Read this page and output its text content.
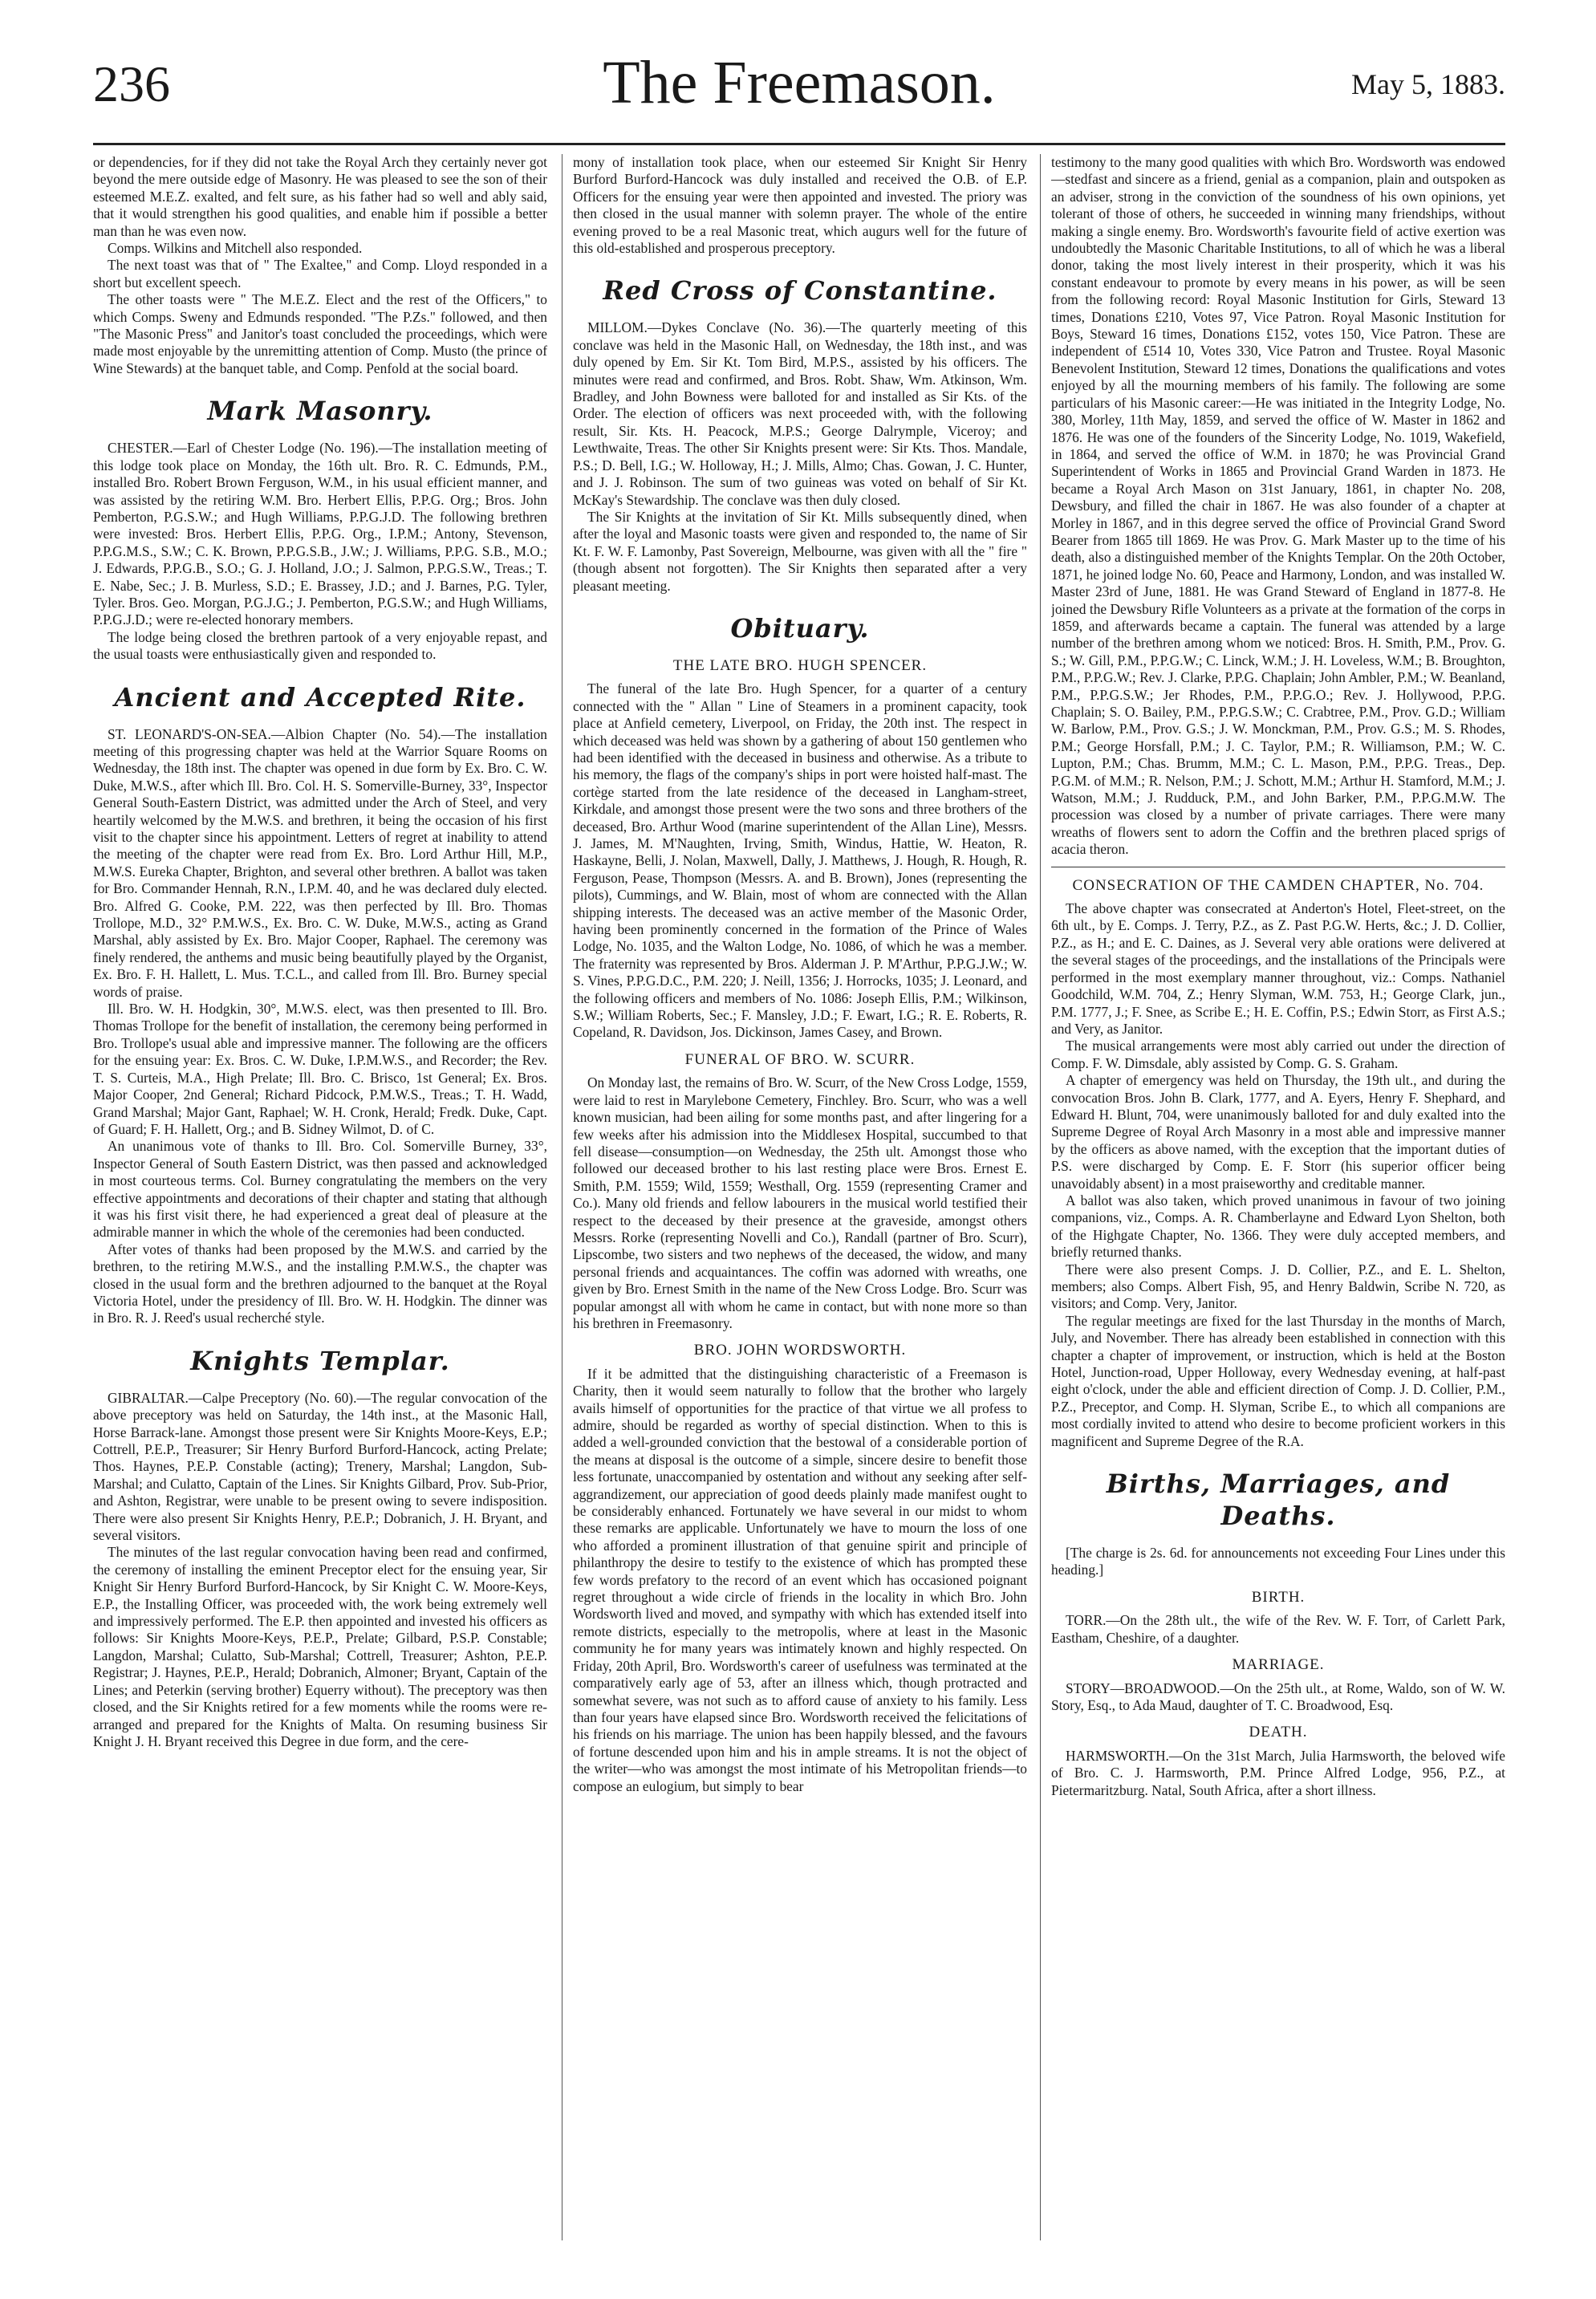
236	The Freemason.	May 5, 1883.

or dependencies, for if they did not take the Royal Arch they certainly never got beyond the mere outside edge of Masonry. He was pleased to see the son of their esteemed M.E.Z. exalted, and felt sure, as his father had so well and ably said, that it would strengthen his good qualities, and enable him if possible a better man than he was even now.

Comps. Wilkins and Mitchell also responded.

The next toast was that of " The Exaltee," and Comp. Lloyd responded in a short but excellent speech.

The other toasts were " The M.E.Z. Elect and the rest of the Officers," to which Comps. Sweny and Edmunds responded. "The P.Zs." followed, and then "The Masonic Press" and Janitor's toast concluded the proceedings, which were made most enjoyable by the unremitting attention of Comp. Musto (the prince of Wine Stewards) at the banquet table, and Comp. Penfold at the social board.

Mark Masonry.

CHESTER.—Earl of Chester Lodge (No. 196).—The installation meeting of this lodge took place on Monday, the 16th ult. Bro. R. C. Edmunds, P.M., installed Bro. Robert Brown Ferguson, W.M., in his usual efficient manner, and was assisted by the retiring W.M. Bro. Herbert Ellis, P.P.G. Org.; Bros. John Pemberton, P.G.S.W.; and Hugh Williams, P.P.G.J.D. The following brethren were invested: Bros. Herbert Ellis, P.P.G. Org., I.P.M.; Antony, Stevenson, P.P.G.M.S., S.W.; C. K. Brown, P.P.G.S.B., J.W.; J. Williams, P.P.G. S.B., M.O.; J. Edwards, P.P.G.B., S.O.; G. J. Holland, J.O.; J. Salmon, P.P.G.S.W., Treas.; T. E. Nabe, Sec.; J. B. Murless, S.D.; E. Brassey, J.D.; and J. Barnes, P.G. Tyler, Tyler. Bros. Geo. Morgan, P.G.J.G.; J. Pemberton, P.G.S.W.; and Hugh Williams, P.P.G.J.D.; were re-elected honorary members.

The lodge being closed the brethren partook of a very enjoyable repast, and the usual toasts were enthusiastically given and responded to.

Ancient and Accepted Rite.

ST. LEONARD'S-ON-SEA.—Albion Chapter (No. 54).—The installation meeting of this progressing chapter was held at the Warrior Square Rooms on Wednesday, the 18th inst. The chapter was opened in due form by Ex. Bro. C. W. Duke, M.W.S., after which Ill. Bro. Col. H. S. Somerville-Burney, 33°, Inspector General South-Eastern District, was admitted under the Arch of Steel, and very heartily welcomed by the M.W.S. and brethren, it being the occasion of his first visit to the chapter since his appointment. Letters of regret at inability to attend the meeting of the chapter were read from Ex. Bro. Lord Arthur Hill, M.P., M.W.S. Eureka Chapter, Brighton, and several other brethren. A ballot was taken for Bro. Commander Hennah, R.N., I.P.M. 40, and he was declared duly elected. Bro. Alfred G. Cooke, P.M. 222, was then perfected by Ill. Bro. Thomas Trollope, M.D., 32° P.M.W.S., Ex. Bro. C. W. Duke, M.W.S., acting as Grand Marshal, ably assisted by Ex. Bro. Major Cooper, Raphael. The ceremony was finely rendered, the anthems and music being beautifully played by the Organist, Ex. Bro. F. H. Hallett, L. Mus. T.C.L., and called from Ill. Bro. Burney special words of praise.

Ill. Bro. W. H. Hodgkin, 30°, M.W.S. elect, was then presented to Ill. Bro. Thomas Trollope for the benefit of installation, the ceremony being performed in Bro. Trollope's usual able and impressive manner. The following are the officers for the ensuing year: Ex. Bros. C. W. Duke, I.P.M.W.S., and Recorder; the Rev. T. S. Curteis, M.A., High Prelate; Ill. Bro. C. Brisco, 1st General; Ex. Bros. Major Cooper, 2nd General; Richard Pidcock, P.M.W.S., Treas.; T. H. Wadd, Grand Marshal; Major Gant, Raphael; W. H. Cronk, Herald; Fredk. Duke, Capt. of Guard; F. H. Hallett, Org.; and B. Sidney Wilmot, D. of C.

An unanimous vote of thanks to Ill. Bro. Col. Somerville Burney, 33°, Inspector General of South Eastern District, was then passed and acknowledged in most courteous terms. Col. Burney congratulating the members on the very effective appointments and decorations of their chapter and stating that although it was his first visit there, he had experienced a great deal of pleasure at the admirable manner in which the whole of the ceremonies had been conducted.

After votes of thanks had been proposed by the M.W.S. and carried by the brethren, to the retiring M.W.S., and the installing P.M.W.S., the chapter was closed in the usual form and the brethren adjourned to the banquet at the Royal Victoria Hotel, under the presidency of Ill. Bro. W. H. Hodgkin. The dinner was in Bro. R. J. Reed's usual recherché style.

Knights Templar.

GIBRALTAR.—Calpe Preceptory (No. 60).—The regular convocation of the above preceptory was held on Saturday, the 14th inst., at the Masonic Hall, Horse Barrack-lane. Amongst those present were Sir Knights Moore-Keys, E.P.; Cottrell, P.E.P., Treasurer; Sir Henry Burford Burford-Hancock, acting Prelate; Thos. Haynes, P.E.P. Constable (acting); Trenery, Marshal; Langdon, Sub-Marshal; and Culatto, Captain of the Lines. Sir Knights Gilbard, Prov. Sub-Prior, and Ashton, Registrar, were unable to be present owing to severe indisposition. There were also present Sir Knights Henry, P.E.P.; Dobranich, J. H. Bryant, and several visitors.

The minutes of the last regular convocation having been read and confirmed, the ceremony of installing the eminent Preceptor elect for the ensuing year, Sir Knight Sir Henry Burford Burford-Hancock, by Sir Knight C. W. Moore-Keys, E.P., the Installing Officer, was proceeded with, the work being extremely well and impressively performed. The E.P. then appointed and invested his officers as follows: Sir Knights Moore-Keys, P.E.P., Prelate; Gilbard, P.S.P. Constable; Langdon, Marshal; Culatto, Sub-Marshal; Cottrell, Treasurer; Ashton, P.E.P. Registrar; J. Haynes, P.E.P., Herald; Dobranich, Almoner; Bryant, Captain of the Lines; and Peterkin (serving brother) Equerry without). The preceptory was then closed, and the Sir Knights retired for a few moments while the rooms were re-arranged and prepared for the Knights of Malta. On resuming business Sir Knight J. H. Bryant received this Degree in due form, and the cere-

mony of installation took place, when our esteemed Sir Knight Sir Henry Burford Burford-Hancock was duly installed and received the O.B. of E.P. Officers for the ensuing year were then appointed and invested. The priory was then closed in the usual manner with solemn prayer. The whole of the entire evening proved to be a real Masonic treat, which augurs well for the future of this old-established and prosperous preceptory.

Red Cross of Constantine.

MILLOM.—Dykes Conclave (No. 36).—The quarterly meeting of this conclave was held in the Masonic Hall, on Wednesday, the 18th inst., and was duly opened by Em. Sir Kt. Tom Bird, M.P.S., assisted by his officers. The minutes were read and confirmed, and Bros. Robt. Shaw, Wm. Atkinson, Wm. Bradley, and John Bowness were balloted for and installed as Sir Kts. of the Order. The election of officers was next proceeded with, with the following result, Sir. Kts. H. Peacock, M.P.S.; George Dalrymple, Viceroy; and Lewthwaite, Treas. The other Sir Knights present were: Sir Kts. Thos. Mandale, P.S.; D. Bell, I.G.; W. Holloway, H.; J. Mills, Almo; Chas. Gowan, J. C. Hunter, and J. J. Robinson. The sum of two guineas was voted on behalf of Sir Kt. McKay's Stewardship. The conclave was then duly closed.

The Sir Knights at the invitation of Sir Kt. Mills subsequently dined, when after the loyal and Masonic toasts were given and responded to, the name of Sir Kt. F. W. F. Lamonby, Past Sovereign, Melbourne, was given with all the " fire " (though absent not forgotten). The Sir Knights then separated after a very pleasant meeting.

Obituary.
THE LATE BRO. HUGH SPENCER.

The funeral of the late Bro. Hugh Spencer, for a quarter of a century connected with the " Allan " Line of Steamers in a prominent capacity, took place at Anfield cemetery, Liverpool, on Friday, the 20th inst. The respect in which deceased was held was shown by a gathering of about 150 gentlemen who had been identified with the deceased in business and otherwise. As a tribute to his memory, the flags of the company's ships in port were hoisted half-mast. The cortège started from the late residence of the deceased in Langham-street, Kirkdale, and amongst those present were the two sons and three brothers of the deceased, Bro. Arthur Wood (marine superintendent of the Allan Line), Messrs. J. James, M. M'Naughten, Irving, Smith, Windus, Hattie, W. Heaton, R. Haskayne, Belli, J. Nolan, Maxwell, Dally, J. Matthews, J. Hough, R. Hough, R. Ferguson, Pease, Thompson (Messrs. A. and B. Brown), Jones (representing the pilots), Cummings, and W. Blain, most of whom are connected with the Allan shipping interests. The deceased was an active member of the Masonic Order, having been prominently concerned in the formation of the Prince of Wales Lodge, No. 1035, and the Walton Lodge, No. 1086, of which he was a member. The fraternity was represented by Bros. Alderman J. P. M'Arthur, P.P.G.J.W.; W. S. Vines, P.P.G.D.C., P.M. 220; J. Neill, 1356; J. Horrocks, 1035; J. Leonard, and the following officers and members of No. 1086: Joseph Ellis, P.M.; Wilkinson, S.W.; William Roberts, Sec.; F. Mansley, J.D.; F. Ewart, I.G.; R. E. Roberts, R. Copeland, R. Davidson, Jos. Dickinson, James Casey, and Brown.

FUNERAL OF BRO. W. SCURR.

On Monday last, the remains of Bro. W. Scurr, of the New Cross Lodge, 1559, were laid to rest in Marylebone Cemetery, Finchley. Bro. Scurr, who was a well known musician, had been ailing for some months past, and after lingering for a few weeks after his admission into the Middlesex Hospital, succumbed to that fell disease—consumption—on Wednesday, the 25th ult. Amongst those who followed our deceased brother to his last resting place were Bros. Ernest E. Smith, P.M. 1559; Wild, 1559; Westhall, Org. 1559 (representing Cramer and Co.). Many old friends and fellow labourers in the musical world testified their respect to the deceased by their presence at the graveside, amongst others Messrs. Rorke (representing Novelli and Co.), Randall (partner of Bro. Scurr), Lipscombe, two sisters and two nephews of the deceased, the widow, and many personal friends and acquaintances. The coffin was adorned with wreaths, one given by Bro. Ernest Smith in the name of the New Cross Lodge. Bro. Scurr was popular amongst all with whom he came in contact, but with none more so than his brethren in Freemasonry.

BRO. JOHN WORDSWORTH.

If it be admitted that the distinguishing characteristic of a Freemason is Charity, then it would seem naturally to follow that the brother who largely avails himself of opportunities for the practice of that virtue we all profess to admire, should be regarded as worthy of special distinction. When to this is added a well-grounded conviction that the bestowal of a considerable portion of the means at disposal is the outcome of a simple, sincere desire to benefit those less fortunate, unaccompanied by ostentation and without any seeking after self-aggrandizement, our appreciation of good deeds plainly made manifest ought to be considerably enhanced. Fortunately we have several in our midst to whom these remarks are applicable. Unfortunately we have to mourn the loss of one who afforded a prominent illustration of that genuine spirit and principle of philanthropy the desire to testify to the existence of which has prompted these few words prefatory to the record of an event which has occasioned poignant regret throughout a wide circle of friends in the locality in which Bro. John Wordsworth lived and moved, and sympathy with which has extended itself into remote districts, especially to the metropolis, where at least in the Masonic community he for many years was intimately known and highly respected. On Friday, 20th April, Bro. Wordsworth's career of usefulness was terminated at the comparatively early age of 53, after an illness which, though protracted and somewhat severe, was not such as to afford cause of anxiety to his family. Less than four years have elapsed since Bro. Wordsworth received the felicitations of his friends on his marriage. The union has been happily blessed, and the favours of fortune descended upon him and his in ample streams. It is not the object of the writer—who was amongst the most intimate of his Metropolitan friends—to compose an eulogium, but simply to bear

testimony to the many good qualities with which Bro. Wordsworth was endowed—stedfast and sincere as a friend, genial as a companion, plain and outspoken as an adviser, strong in the conviction of the soundness of his own opinions, yet tolerant of those of others, he succeeded in winning many friendships, without making a single enemy. Bro. Wordsworth's favourite field of active exertion was undoubtedly the Masonic Charitable Institutions, to all of which he was a liberal donor, taking the most lively interest in their prosperity, which it was his constant endeavour to promote by every means in his power, as will be seen from the following record: Royal Masonic Institution for Girls, Steward 13 times, Donations £210, Votes 97, Vice Patron. Royal Masonic Institution for Boys, Steward 16 times, Donations £152, votes 150, Vice Patron. These are independent of £514 10, Votes 330, Vice Patron and Trustee. Royal Masonic Benevolent Institution, Steward 12 times, Donations the qualifications and votes enjoyed by all the mourning members of his family. The following are some particulars of his Masonic career:—He was initiated in the Integrity Lodge, No. 380, Morley, 11th May, 1859, and served the office of W. Master in 1862 and 1876. He was one of the founders of the Sincerity Lodge, No. 1019, Wakefield, in 1864, and served the office of W.M. in 1870; he was Provincial Grand Superintendent of Works in 1865 and Provincial Grand Warden in 1873. He became a Royal Arch Mason on 31st January, 1861, in chapter No. 208, Dewsbury, and filled the chair in 1867. He was also founder of a chapter at Morley in 1867, and in this degree served the office of Provincial Grand Sword Bearer from 1865 till 1869. He was Prov. G. Mark Master up to the time of his death, also a distinguished member of the Knights Templar. On the 20th October, 1871, he joined lodge No. 60, Peace and Harmony, London, and was installed W. Master 23rd of June, 1881. He was Grand Steward of England in 1877-8. He joined the Dewsbury Rifle Volunteers as a private at the formation of the corps in 1859, and afterwards became a captain. The funeral was attended by a large number of the brethren among whom we noticed: Bros. H. Smith, P.M., Prov. G. S.; W. Gill, P.M., P.P.G.W.; C. Linck, W.M.; J. H. Loveless, W.M.; B. Broughton, P.M., P.P.G.W.; Rev. J. Clarke, P.P.G. Chaplain; John Ambler, P.M.; W. Beanland, P.M., P.P.G.S.W.; Jer Rhodes, P.M., P.P.G.O.; Rev. J. Hollywood, P.P.G. Chaplain; S. O. Bailey, P.M., P.P.G.S.W.; C. Crabtree, P.M., Prov. G.D.; William W. Barlow, P.M., Prov. G.S.; J. W. Monckman, P.M., Prov. G.S.; M. S. Rhodes, P.M.; George Horsfall, P.M.; J. C. Taylor, P.M.; R. Williamson, P.M.; W. C. Lupton, P.M.; Chas. Brumm, M.M.; C. L. Mason, P.M., P.P.G. Treas., Dep. P.G.M. of M.M.; R. Nelson, P.M.; J. Schott, M.M.; Arthur H. Stamford, M.M.; J. Watson, M.M.; J. Rudduck, P.M., and John Barker, P.M., P.P.G.M.W. The procession was closed by a number of private carriages. There were many wreaths of flowers sent to adorn the Coffin and the brethren placed sprigs of acacia theron.

CONSECRATION OF THE CAMDEN CHAPTER, No. 704.

The above chapter was consecrated at Anderton's Hotel, Fleet-street, on the 6th ult., by E. Comps. J. Terry, P.Z., as Z. Past P.G.W. Herts, &c.; J. D. Collier, P.Z., as H.; and E. C. Daines, as J. Several very able orations were delivered at the several stages of the proceedings, and the installations of the Principals were performed in the most exemplary manner throughout, viz.: Comps. Nathaniel Goodchild, W.M. 704, Z.; Henry Slyman, W.M. 753, H.; George Clark, jun., P.M. 1777, J.; F. Snee, as Scribe E.; H. E. Coffin, P.S.; Edwin Storr, as First A.S.; and Very, as Janitor.

The musical arrangements were most ably carried out under the direction of Comp. F. W. Dimsdale, ably assisted by Comp. G. S. Graham.

A chapter of emergency was held on Thursday, the 19th ult., and during the convocation Bros. John B. Clark, 1777, and A. Eyers, Henry F. Shephard, and Edward H. Blunt, 704, were unanimously balloted for and duly exalted into the Supreme Degree of Royal Arch Masonry in a most able and impressive manner by the officers as above named, with the exception that the important duties of P.S. were discharged by Comp. E. F. Storr (his superior officer being unavoidably absent) in a most praiseworthy and creditable manner.

A ballot was also taken, which proved unanimous in favour of two joining companions, viz., Comps. A. R. Chamberlayne and Edward Lyon Shelton, both of the Highgate Chapter, No. 1366. They were duly accepted members, and briefly returned thanks.

There were also present Comps. J. D. Collier, P.Z., and E. L. Shelton, members; also Comps. Albert Fish, 95, and Henry Baldwin, Scribe N. 720, as visitors; and Comp. Very, Janitor.

The regular meetings are fixed for the last Thursday in the months of March, July, and November. There has already been established in connection with this chapter a chapter of improvement, or instruction, which is held at the Boston Hotel, Junction-road, Upper Holloway, every Wednesday evening, at half-past eight o'clock, under the able and efficient direction of Comp. J. D. Collier, P.M., P.Z., Preceptor, and Comp. H. Slyman, Scribe E., to which all companions are most cordially invited to attend who desire to become proficient workers in this magnificent and Supreme Degree of the R.A.

Births, Marriages, and Deaths.

[The charge is 2s. 6d. for announcements not exceeding Four Lines under this heading.]

BIRTH.

TORR.—On the 28th ult., the wife of the Rev. W. F. Torr, of Carlett Park, Eastham, Cheshire, of a daughter.

MARRIAGE.

STORY—BROADWOOD.—On the 25th ult., at Rome, Waldo, son of W. W. Story, Esq., to Ada Maud, daughter of T. C. Broadwood, Esq.

DEATH.

HARMSWORTH.—On the 31st March, Julia Harmsworth, the beloved wife of Bro. C. J. Harmsworth, P.M. Prince Alfred Lodge, 956, P.Z., at Pietermaritzburg. Natal, South Africa, after a short illness.
